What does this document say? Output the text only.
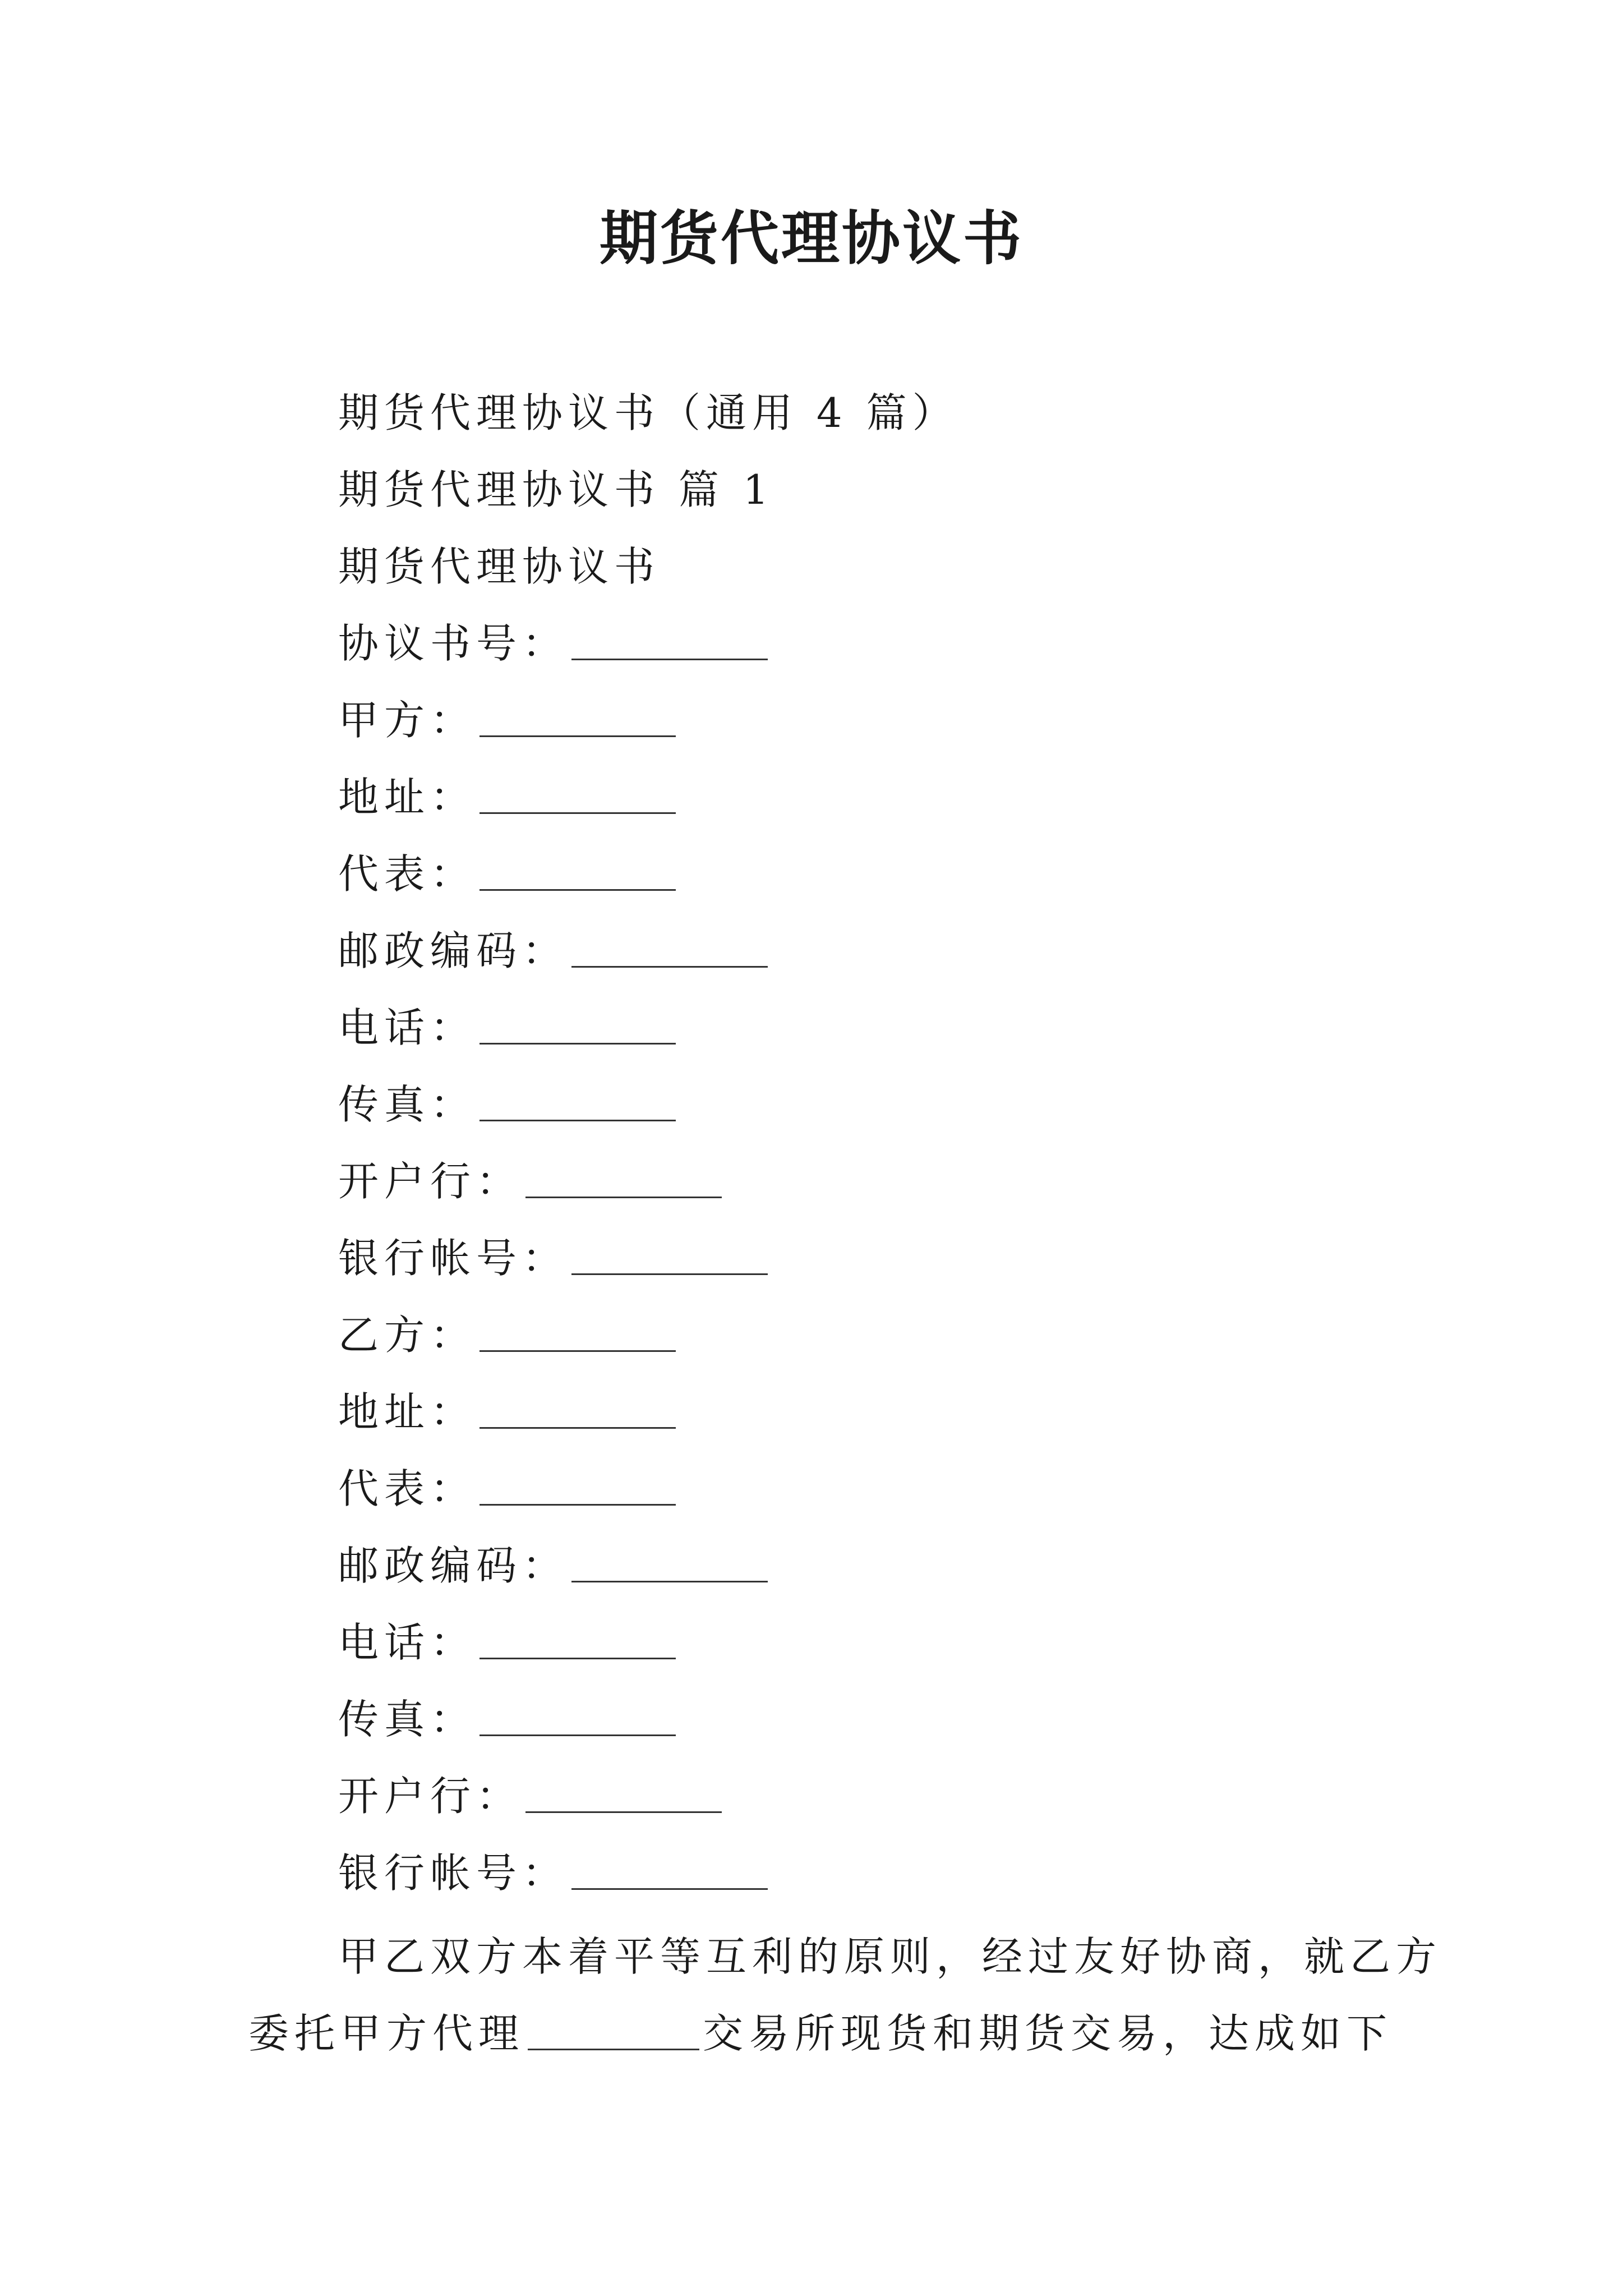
期货代理协议书
期货代理协议书（通用 4 篇）
期货代理协议书 篇 1
期货代理协议书
协议书号：
甲方：
地址：
代表：
邮政编码：
电话：
传真：
开户行：
银行帐号：
乙方：
地址：
代表：
邮政编码：
电话：
传真：
开户行：
银行帐号：
甲乙双方本着平等互利的原则，经过友好协商，就乙方
委托甲方代理	交易所现货和期货交易，达成如下
